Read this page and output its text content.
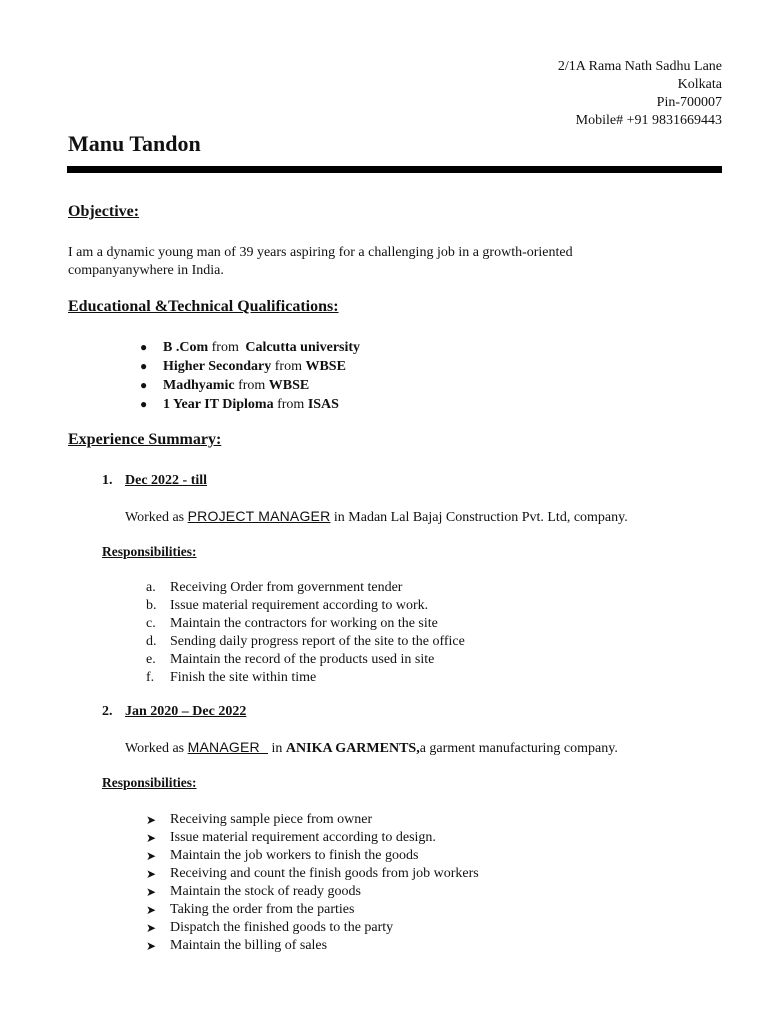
2/1A Rama Nath Sadhu Lane
Kolkata
Pin-700007
Mobile# +91 9831669443
Manu Tandon
Objective:
I am a dynamic young man of 39 years aspiring for a challenging job in a growth-oriented
companyanywhere in India.
Educational &Technical Qualifications:
● B .Com from Calcutta university
● Higher Secondary from WBSE
● Madhyamic from WBSE
● 1 Year IT Diploma from ISAS
Experience Summary:
1. Dec 2022 - till
Worked as PROJECT MANAGER in Madan Lal Bajaj Construction Pvt. Ltd, company.
Responsibilities:
a. Receiving Order from government tender
b. Issue material requirement according to work.
c. Maintain the contractors for working on the site
d. Sending daily progress report of the site to the office
e. Maintain the record of the products used in site
f. Finish the site within time
2. Jan 2020 – Dec 2022
Worked as MANAGER   in ANIKA GARMENTS,a garment manufacturing company.
Responsibilities:
➤ Receiving sample piece from owner
➤ Issue material requirement according to design.
➤ Maintain the job workers to finish the goods
➤ Receiving and count the finish goods from job workers
➤ Maintain the stock of ready goods
➤ Taking the order from the parties
➤ Dispatch the finished goods to the party
➤ Maintain the billing of sales
